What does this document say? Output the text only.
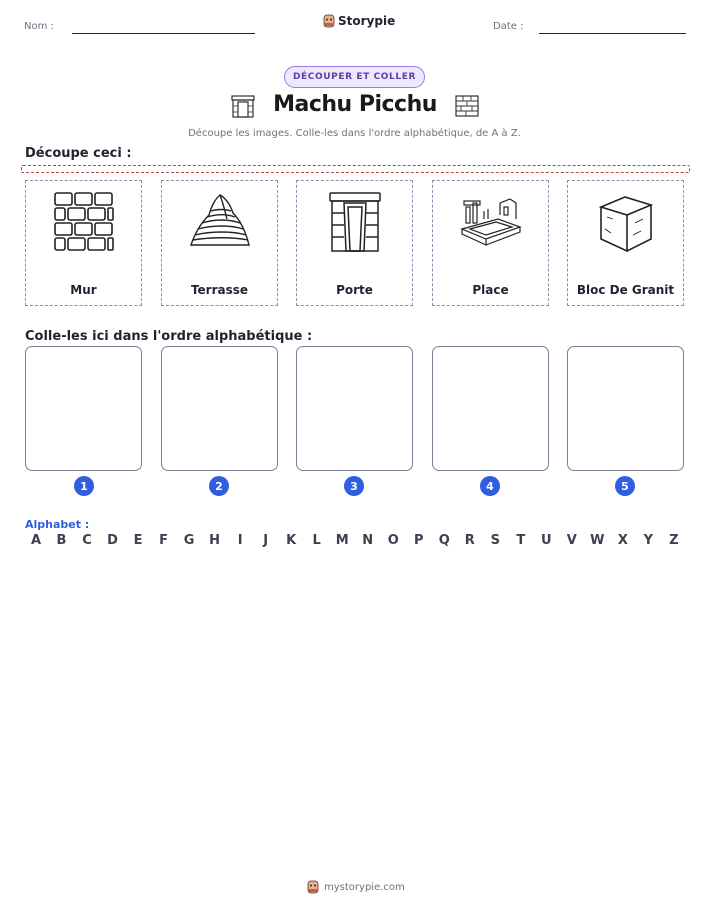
Nom :	Storypie	Date :
DÉCOUPER ET COLLER
Machu Picchu
Découpe les images. Colle-les dans l'ordre alphabétique, de A à Z.
Découpe ceci :
Mur	Terrasse	Porte	Place	Bloc De Granit
Colle-les ici dans l'ordre alphabétique :
1	2	3	4	5
Alphabet :
A B C D E F G H	I	J	K L M N O P Q R S T U V W X Y Z
mystorypie.com
